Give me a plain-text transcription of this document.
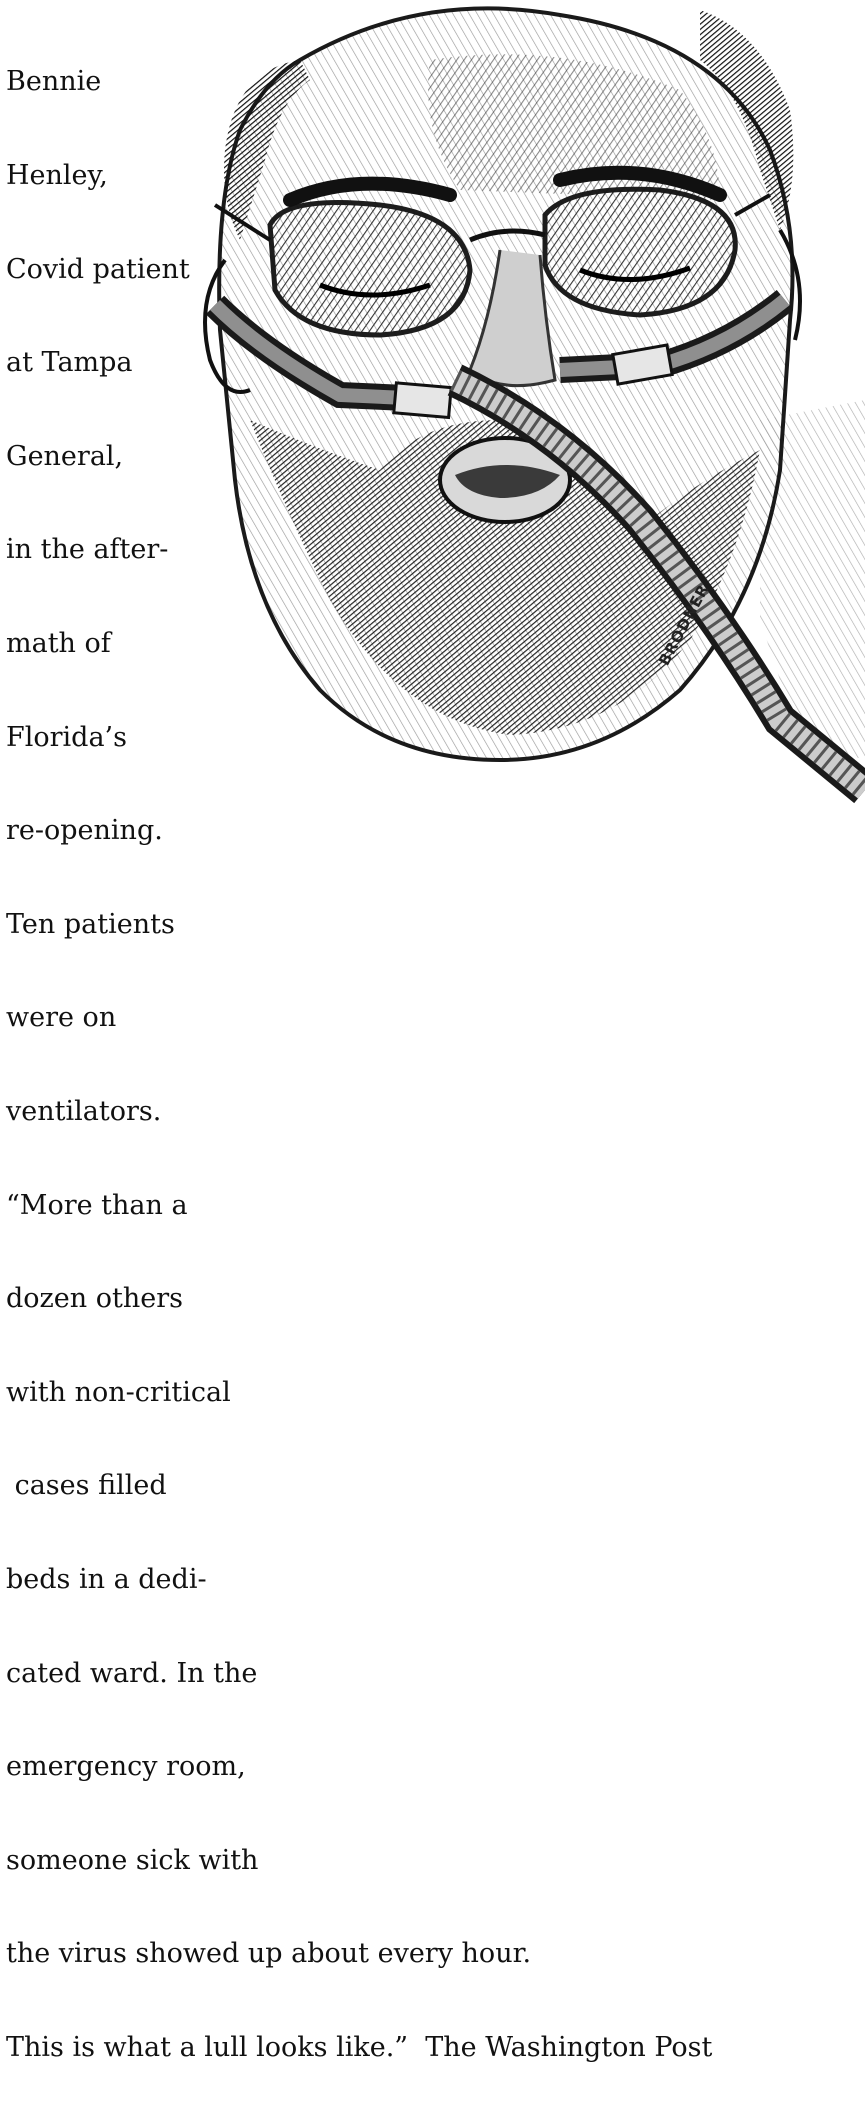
BRODNER

Bennie

Henley,

Covid patient

at Tampa

General,

in the after-

math of

Florida’s

re-opening.

Ten patients

were on

ventilators.

“More than a

dozen others

with non-critical

cases filled

beds in a dedi-

cated ward. In the

emergency room,

someone sick with

the virus showed up about every hour.

This is what a lull looks like.”  The Washington Post
